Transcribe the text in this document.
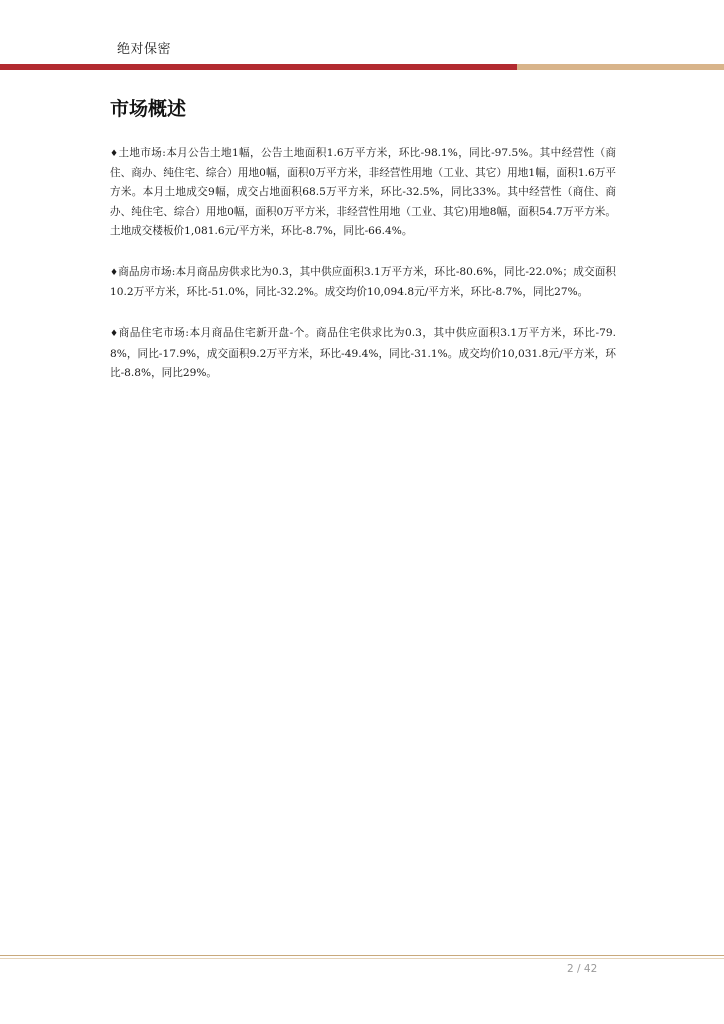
绝对保密
市场概述

♦土地市场:本月公告土地1幅，公告土地面积1.6万平方米，环比-98.1%，同比-97.5%。其中经营性（商住、商办、纯住宅、综合）用地0幅，面积0万平方米，非经营性用地（工业、其它）用地1幅，面积1.6万平方米。本月土地成交9幅，成交占地面积68.5万平方米，环比-32.5%，同比33%。其中经营性（商住、商办、纯住宅、综合）用地0幅，面积0万平方米，非经营性用地（工业、其它)用地8幅，面积54.7万平方米。土地成交楼板价1,081.6元/平方米，环比-8.7%，同比-66.4%。

♦商品房市场:本月商品房供求比为0.3，其中供应面积3.1万平方米，环比-80.6%，同比-22.0%；成交面积10.2万平方米，环比-51.0%，同比-32.2%。成交均价10,094.8元/平方米，环比-8.7%，同比27%。

♦商品住宅市场:本月商品住宅新开盘-个。商品住宅供求比为0.3，其中供应面积3.1万平方米，环比-79.8%，同比-17.9%，成交面积9.2万平方米，环比-49.4%，同比-31.1%。成交均价10,031.8元/平方米，环比-8.8%，同比29%。

2 / 42
